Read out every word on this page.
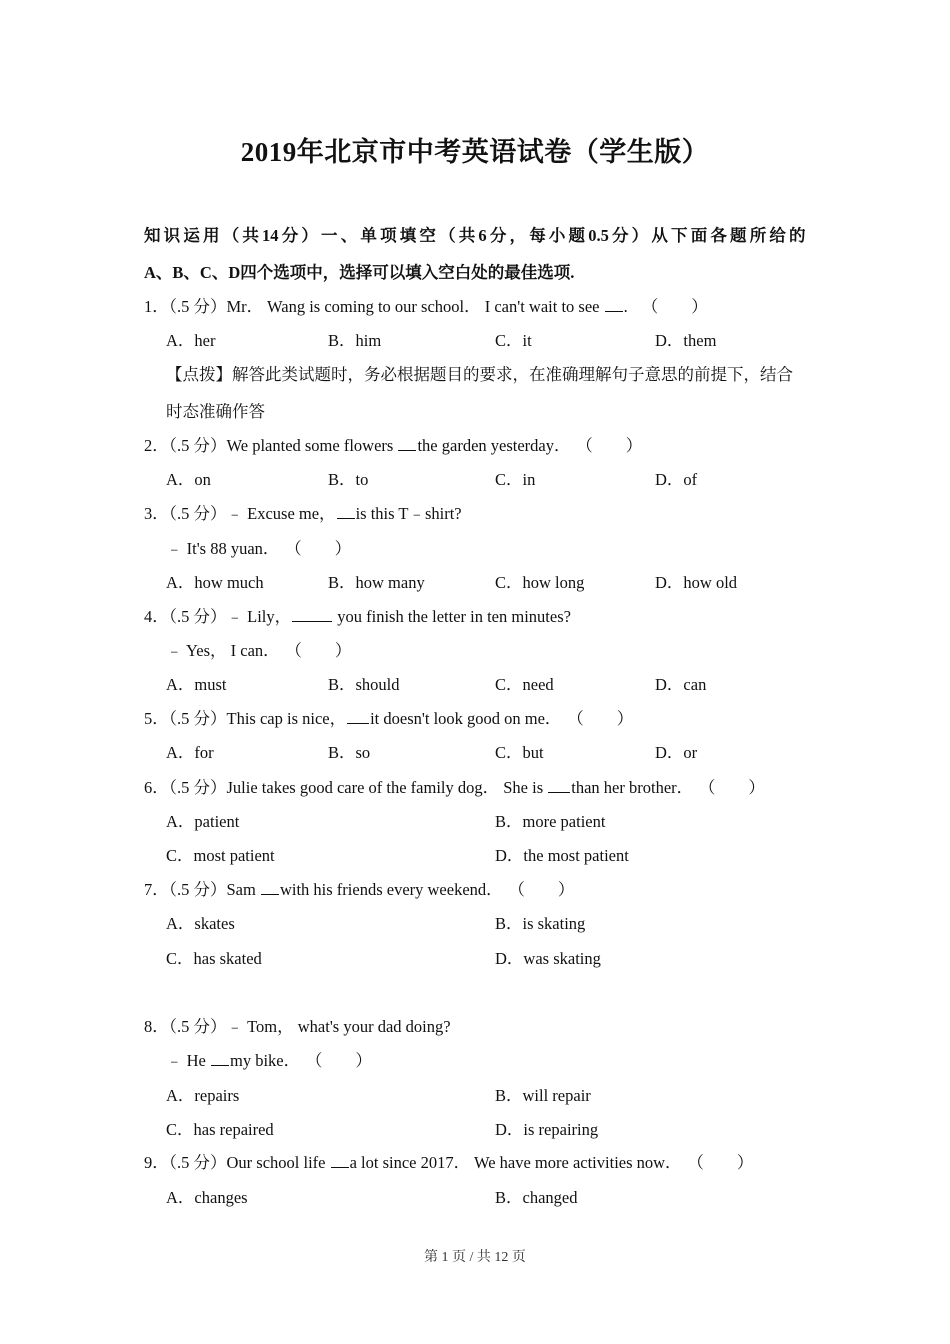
2019年北京市中考英语试卷（学生版）
知 识 运 用 （ 共 14 分 ） 一 、 单 项 填 空 （ 共 6 分 ， 每 小 题 0.5 分 ） 从 下 面 各 题 所 给 的
A、B、C、D四个选项中，选择可以填入空白处的最佳选项.
1．（.5 分）Mr． Wang is coming to our school． I can't wait to see . （　　）
A．her	B．him	C．it	D．them
【点拨】解答此类试题时，务必根据题目的要求，在准确理解句子意思的前提下，结合
时态准确作答
2．（.5 分）We planted some flowers the garden yesterday． （　　）
A．on	B．to	C．in	D．of
3．（.5 分）﹣ Excuse me， is this T﹣shirt?
﹣ It's 88 yuan． （　　）
A．how much	B．how many	C．how long	D．how old
4．（.5 分）﹣ Lily，	you finish the letter in ten minutes?
﹣ Yes， I can． （　　）
A．must	B．should	C．need	D．can
5．（.5 分）This cap is nice， it doesn't look good on me． （　　）
A．for	B．so	C．but	D．or
6．（.5 分）Julie takes good care of the family dog． She is than her brother． （　　）
A．patient	B．more patient
C．most patient	D．the most patient
7．（.5 分）Sam with his friends every weekend． （　　）
A．skates	B．is skating
C．has skated	D．was skating
8．（.5 分）﹣ Tom， what's your dad doing?
﹣ He my bike． （　　）
A．repairs	B．will repair
C．has repaired	D．is repairing
9．（.5 分）Our school life a lot since 2017． We have more activities now． （　　）
A．changes	B．changed
第 1 页 / 共 12 页
